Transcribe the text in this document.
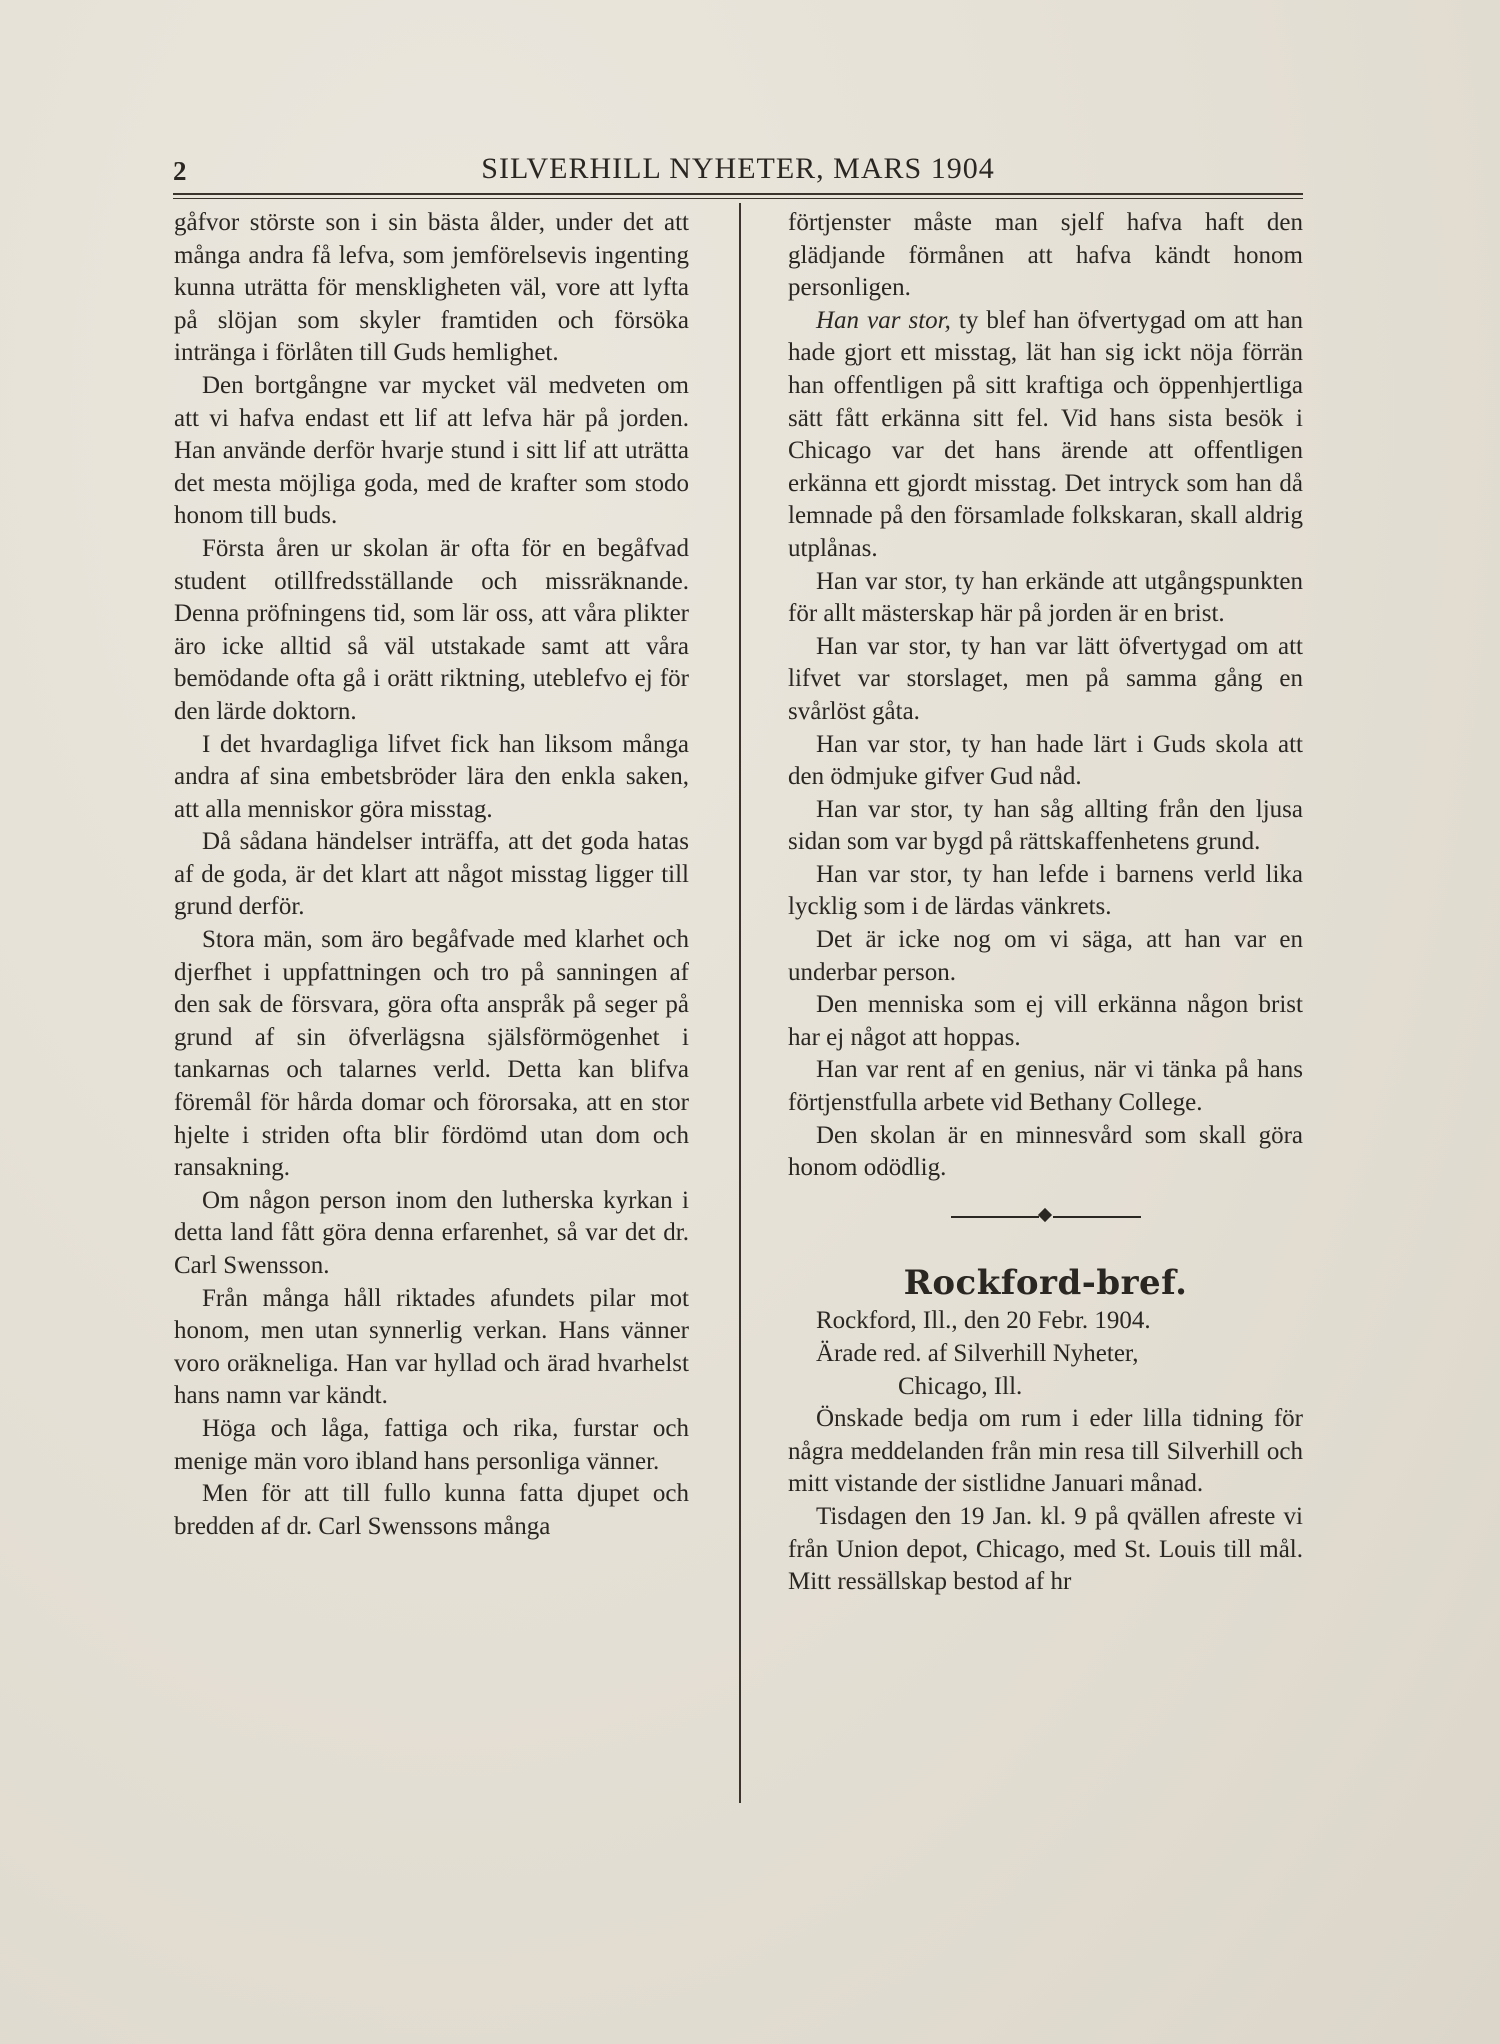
2	SILVERHILL NYHETER, MARS 1904

gåfvor störste son i sin bästa ålder, under det att många andra få lefva, som jemförelsevis ingenting kunna uträtta för menskligheten väl, vore att lyfta på slöjan som skyler framtiden och försöka inträngа i förlåten till Guds hemlighet.

Den bortgångne var mycket väl medveten om att vi hafva endast ett lif att lefva här på jorden. Han använde derför hvarje stund i sitt lif att uträtta det mesta möjliga goda, med de krafter som stodo honom till buds.

Första åren ur skolan är ofta för en begåfvad student otillfredsställande och missräknande. Denna pröfningens tid, som lär oss, att våra plikter äro icke alltid så väl utstakade samt att våra bemödande ofta gå i orätt riktning, uteblefvo ej för den lärde doktorn.

I det hvardagliga lifvet fick han liksom många andra af sina embetsbröder lära den enkla saken, att alla menniskor göra misstag.

Då sådana händelser inträffa, att det goda hatas af de goda, är det klart att något misstag ligger till grund derför.

Stora män, som äro begåfvade med klarhet och djerfhet i uppfattningen och tro på sanningen af den sak de försvara, göra ofta anspråk på seger på grund af sin öfverlägsna själsförmögenhet i tankarnas och talarnes verld. Detta kan blifva föremål för hårda domar och förorsaka, att en stor hjelte i striden ofta blir fördömd utan dom och ransakning.

Om någon person inom den lutherska kyrkan i detta land fått göra denna erfarenhet, så var det dr. Carl Swensson.

Från många håll riktades afundets pilar mot honom, men utan synnerlig verkan. Hans vänner voro oräkneliga. Han var hyllad och ärad hvarhelst hans namn var kändt.

Höga och låga, fattiga och rika, furstar och menige män voro ibland hans personliga vänner.

Men för att till fullo kunna fatta djupet och bredden af dr. Carl Swenssons många

förtjenster måste man sjelf hafva haft den glädjande förmånen att hafva kändt honom personligen.

Han var stor, ty blef han öfvertygad om att han hade gjort ett misstag, lät han sig ickt nöja förrän han offentligen på sitt kraftiga och öppenhjertliga sätt fått erkänna sitt fel. Vid hans sista besök i Chicago var det hans ärende att offentligen erkänna ett gjordt misstag. Det intryck som han då lemnade på den församlade folkskaran, skall aldrig utplånas.

Han var stor, ty han erkände att utgångspunkten för allt mästerskap här på jorden är en brist.

Han var stor, ty han var lätt öfvertygad om att lifvet var storslaget, men på samma gång en svårlöst gåta.

Han var stor, ty han hade lärt i Guds skola att den ödmjuke gifver Gud nåd.

Han var stor, ty han såg allting från den ljusa sidan som var bygd på rättskaffenhetens grund.

Han var stor, ty han lefde i barnens verld lika lycklig som i de lärdas vänkrets.

Det är icke nog om vi säga, att han var en underbar person.

Den menniska som ej vill erkänna någon brist har ej något att hoppas.

Han var rent af en genius, när vi tänka på hans förtjenstfulla arbete vid Bethany College.

Den skolan är en minnesvård som skall göra honom odödlig.

Rockford-bref.

Rockford, Ill., den 20 Febr. 1904.

Ärade red. af Silverhill Nyheter,

Chicago, Ill.

Önskade bedja om rum i eder lilla tidning för några meddelanden från min resa till Silverhill och mitt vistande der sistlidne Januari månad.

Tisdagen den 19 Jan. kl. 9 på qvällen afreste vi från Union depot, Chicago, med St. Louis till mål. Mitt ressällskap bestod af hr
